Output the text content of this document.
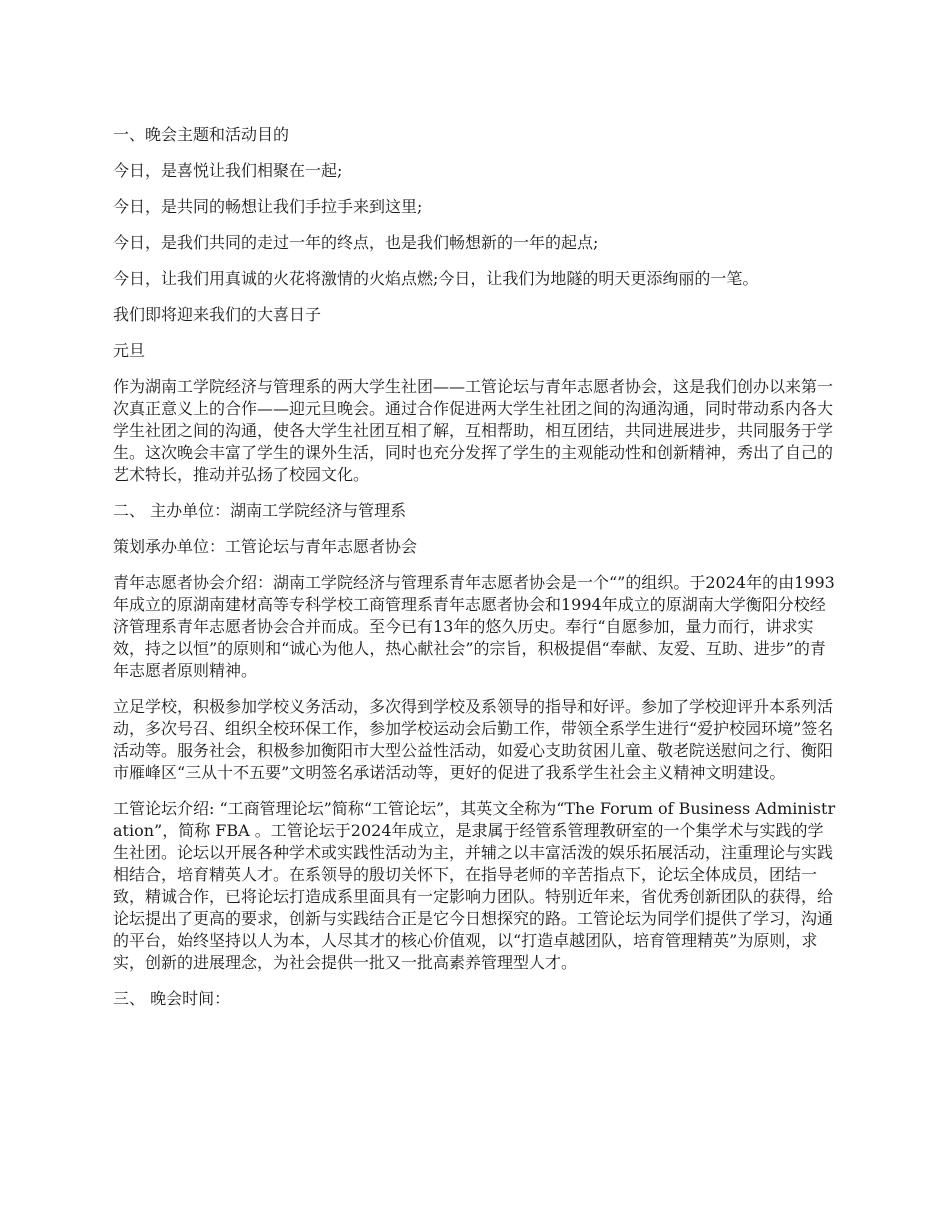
一、晚会主题和活动目的

今日，是喜悦让我们相聚在一起;

今日，是共同的畅想让我们手拉手来到这里;

今日，是我们共同的走过一年的终点，也是我们畅想新的一年的起点;

今日，让我们用真诚的火花将激情的火焰点燃;今日，让我们为地隧的明天更添绚丽的一笔。

我们即将迎来我们的大喜日子

元旦

作为湖南工学院经济与管理系的两大学生社团——工管论坛与青年志愿者协会，这是我们创办以来第一次真正意义上的合作——迎元旦晚会。通过合作促进两大学生社团之间的沟通沟通，同时带动系内各大学生社团之间的沟通，使各大学生社团互相了解，互相帮助，相互团结，共同进展进步，共同服务于学生。这次晚会丰富了学生的课外生活，同时也充分发挥了学生的主观能动性和创新精神，秀出了自己的艺术特长，推动并弘扬了校园文化。

二、 主办单位：湖南工学院经济与管理系

策划承办单位：工管论坛与青年志愿者协会

青年志愿者协会介绍：湖南工学院经济与管理系青年志愿者协会是一个“”的组织。于2024年的由1993年成立的原湖南建材高等专科学校工商管理系青年志愿者协会和1994年成立的原湖南大学衡阳分校经济管理系青年志愿者协会合并而成。至今已有13年的悠久历史。奉行“自愿参加，量力而行，讲求实效，持之以恒”的原则和“诚心为他人，热心献社会”的宗旨，积极提倡“奉献、友爱、互助、进步”的青年志愿者原则精神。

立足学校，积极参加学校义务活动，多次得到学校及系领导的指导和好评。参加了学校迎评升本系列活动，多次号召、组织全校环保工作，参加学校运动会后勤工作，带领全系学生进行“爱护校园环境”签名活动等。服务社会，积极参加衡阳市大型公益性活动，如爱心支助贫困儿童、敬老院送慰问之行、衡阳市雁峰区“三从十不五要”文明签名承诺活动等，更好的促进了我系学生社会主义精神文明建设。

工管论坛介绍: “工商管理论坛”简称“工管论坛”，其英文全称为“The Forum of Business Administration”，简称 FBA 。工管论坛于2024年成立，是隶属于经管系管理教研室的一个集学术与实践的学生社团。论坛以开展各种学术或实践性活动为主，并辅之以丰富活泼的娱乐拓展活动，注重理论与实践相结合，培育精英人才。在系领导的殷切关怀下，在指导老师的辛苦指点下，论坛全体成员，团结一致，精诚合作，已将论坛打造成系里面具有一定影响力团队。特别近年来，省优秀创新团队的获得，给论坛提出了更高的要求，创新与实践结合正是它今日想探究的路。工管论坛为同学们提供了学习，沟通的平台，始终坚持以人为本，人尽其才的核心价值观，以“打造卓越团队，培育管理精英”为原则，求实，创新的进展理念，为社会提供一批又一批高素养管理型人才。

三、 晚会时间：
